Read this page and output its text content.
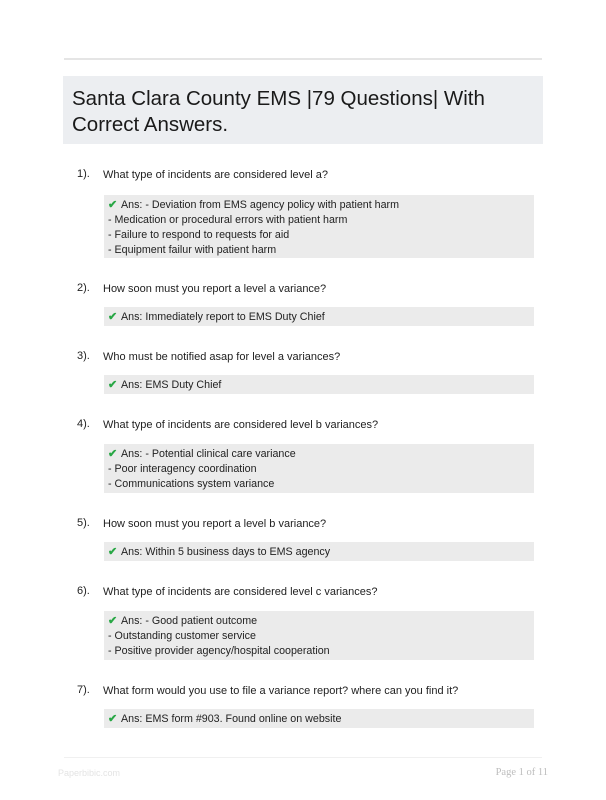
Santa Clara County EMS |79 Questions| With Correct Answers.
1). What type of incidents are considered level a?
✔ Ans: - Deviation from EMS agency policy with patient harm
- Medication or procedural errors with patient harm
- Failure to respond to requests for aid
- Equipment failur with patient harm
2). How soon must you report a level a variance?
✔ Ans: Immediately report to EMS Duty Chief
3). Who must be notified asap for level a variances?
✔ Ans: EMS Duty Chief
4). What type of incidents are considered level b variances?
✔ Ans: - Potential clinical care variance
- Poor interagency coordination
- Communications system variance
5). How soon must you report a level b variance?
✔ Ans: Within 5 business days to EMS agency
6). What type of incidents are considered level c variances?
✔ Ans: - Good patient outcome
- Outstanding customer service
- Positive provider agency/hospital cooperation
7). What form would you use to file a variance report? where can you find it?
✔ Ans: EMS form #903. Found online on website
Paperbibic.com	Page 1 of 11
